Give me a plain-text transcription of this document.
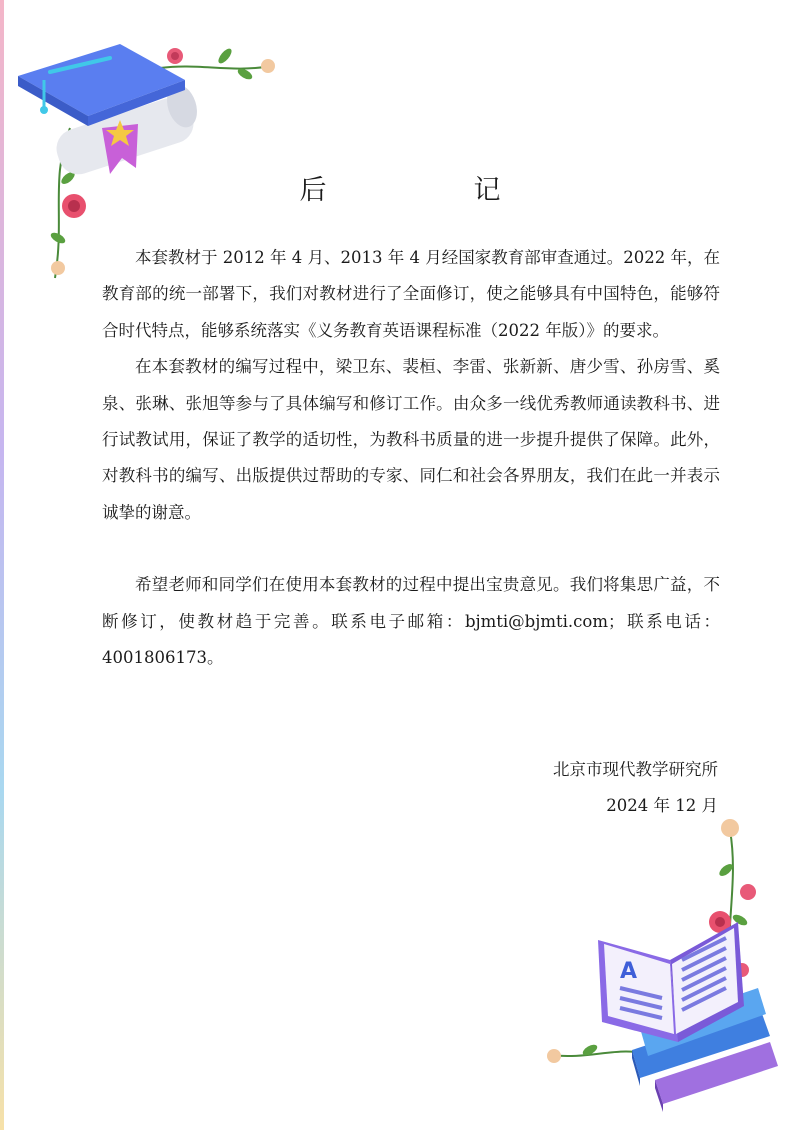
后　记

本套教材于 2012 年 4 月、2013 年 4 月经国家教育部审查通过。2022 年，在教育部的统一部署下，我们对教材进行了全面修订，使之能够具有中国特色，能够符合时代特点，能够系统落实《义务教育英语课程标准（2022 年版）》的要求。

在本套教材的编写过程中，梁卫东、裴桓、李雷、张新新、唐少雪、孙房雪、奚泉、张琳、张旭等参与了具体编写和修订工作。由众多一线优秀教师通读教科书、进行试教试用，保证了教学的适切性，为教科书质量的进一步提升提供了保障。此外，对教科书的编写、出版提供过帮助的专家、同仁和社会各界朋友，我们在此一并表示诚挚的谢意。

希望老师和同学们在使用本套教材的过程中提出宝贵意见。我们将集思广益，不断修订，使教材趋于完善。联系电子邮箱：bjmti@bjmti.com；联系电话：4001806173。

北京市现代教学研究所
2024 年 12 月
A
